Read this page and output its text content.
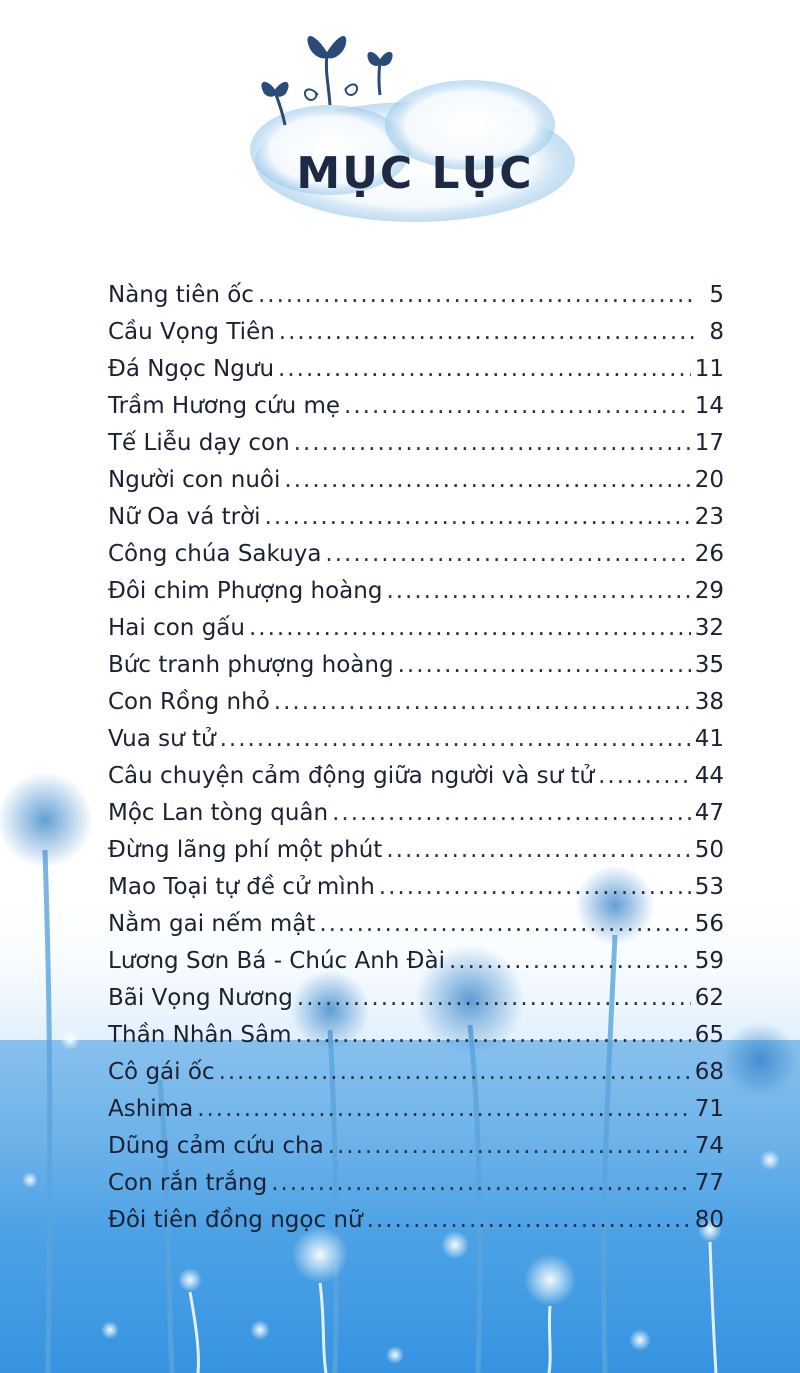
MỤC LỤC
Nàng tiên ốc .....	5
Cầu Vọng Tiên .....	8
Đá Ngọc Ngưu .....	11
Trầm Hương cứu mẹ .....	14
Tế Liễu dạy con .....	17
Người con nuôi .....	20
Nữ Oa vá trời .....	23
Công chúa Sakuya .....	26
Đôi chim Phượng hoàng .....	29
Hai con gấu .....	32
Bức tranh phượng hoàng .....	35
Con Rồng nhỏ .....	38
Vua sư tử .....	41
Câu chuyện cảm động giữa người và sư tử .....	44
Mộc Lan tòng quân .....	47
Đừng lãng phí một phút .....	50
Mao Toại tự đề cử mình .....	53
Nằm gai nếm mật .....	56
Lương Sơn Bá - Chúc Anh Đài .....	59
Bãi Vọng Nương .....	62
Thần Nhân Sâm .....	65
Cô gái ốc .....	68
Ashima .....	71
Dũng cảm cứu cha .....	74
Con rắn trắng .....	77
Đôi tiên đồng ngọc nữ .....	80
